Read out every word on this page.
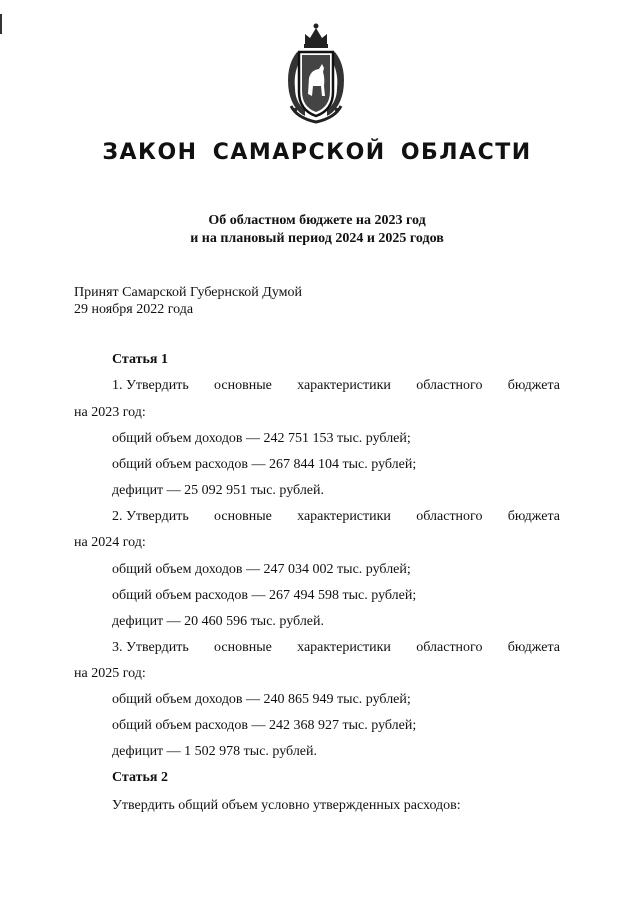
ЗАКОН САМАРСКОЙ ОБЛАСТИ
Об областном бюджете на 2023 год
и на плановый период 2024 и 2025 годов
Принят Самарской Губернской Думой
29 ноября 2022 года
Статья 1
1. Утвердить основные характеристики областного бюджета
на 2023 год:
общий объем доходов — 242 751 153 тыс. рублей;
общий объем расходов — 267 844 104 тыс. рублей;
дефицит — 25 092 951 тыс. рублей.
2. Утвердить основные характеристики областного бюджета
на 2024 год:
общий объем доходов — 247 034 002 тыс. рублей;
общий объем расходов — 267 494 598 тыс. рублей;
дефицит — 20 460 596 тыс. рублей.
3. Утвердить основные характеристики областного бюджета
на 2025 год:
общий объем доходов — 240 865 949 тыс. рублей;
общий объем расходов — 242 368 927 тыс. рублей;
дефицит — 1 502 978 тыс. рублей.
Статья 2
Утвердить общий объем условно утвержденных расходов:
